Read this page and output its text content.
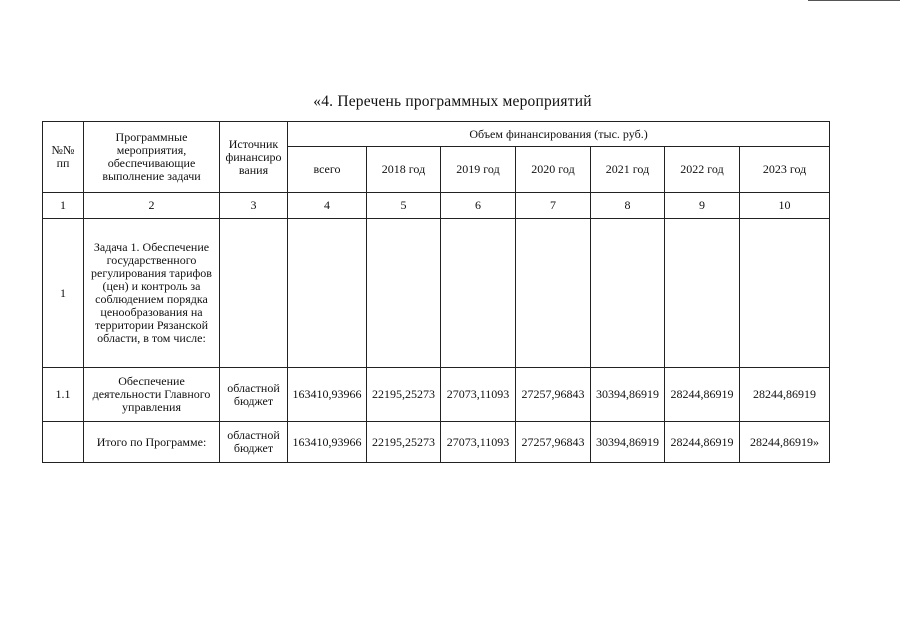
«4. Перечень программных мероприятий
№№ пп	Программные мероприятия, обеспечивающие выполнение задачи	Источник финансиро вания	Объем финансирования (тыс. руб.)						
			всего	2018 год	2019 год	2020 год	2021 год	2022 год	2023 год
1	2	3	4	5	6	7	8	9	10
1	Задача 1. Обеспечение государственного регулирования тарифов (цен) и контроль за соблюдением порядка ценообразования на территории Рязанской области, в том числе:								
1.1	Обеспечение деятельности Главного управления	областной бюджет	163410,93966	22195,25273	27073,11093	27257,96843	30394,86919	28244,86919	28244,86919
	Итого по Программе:	областной бюджет	163410,93966	22195,25273	27073,11093	27257,96843	30394,86919	28244,86919	28244,86919»
